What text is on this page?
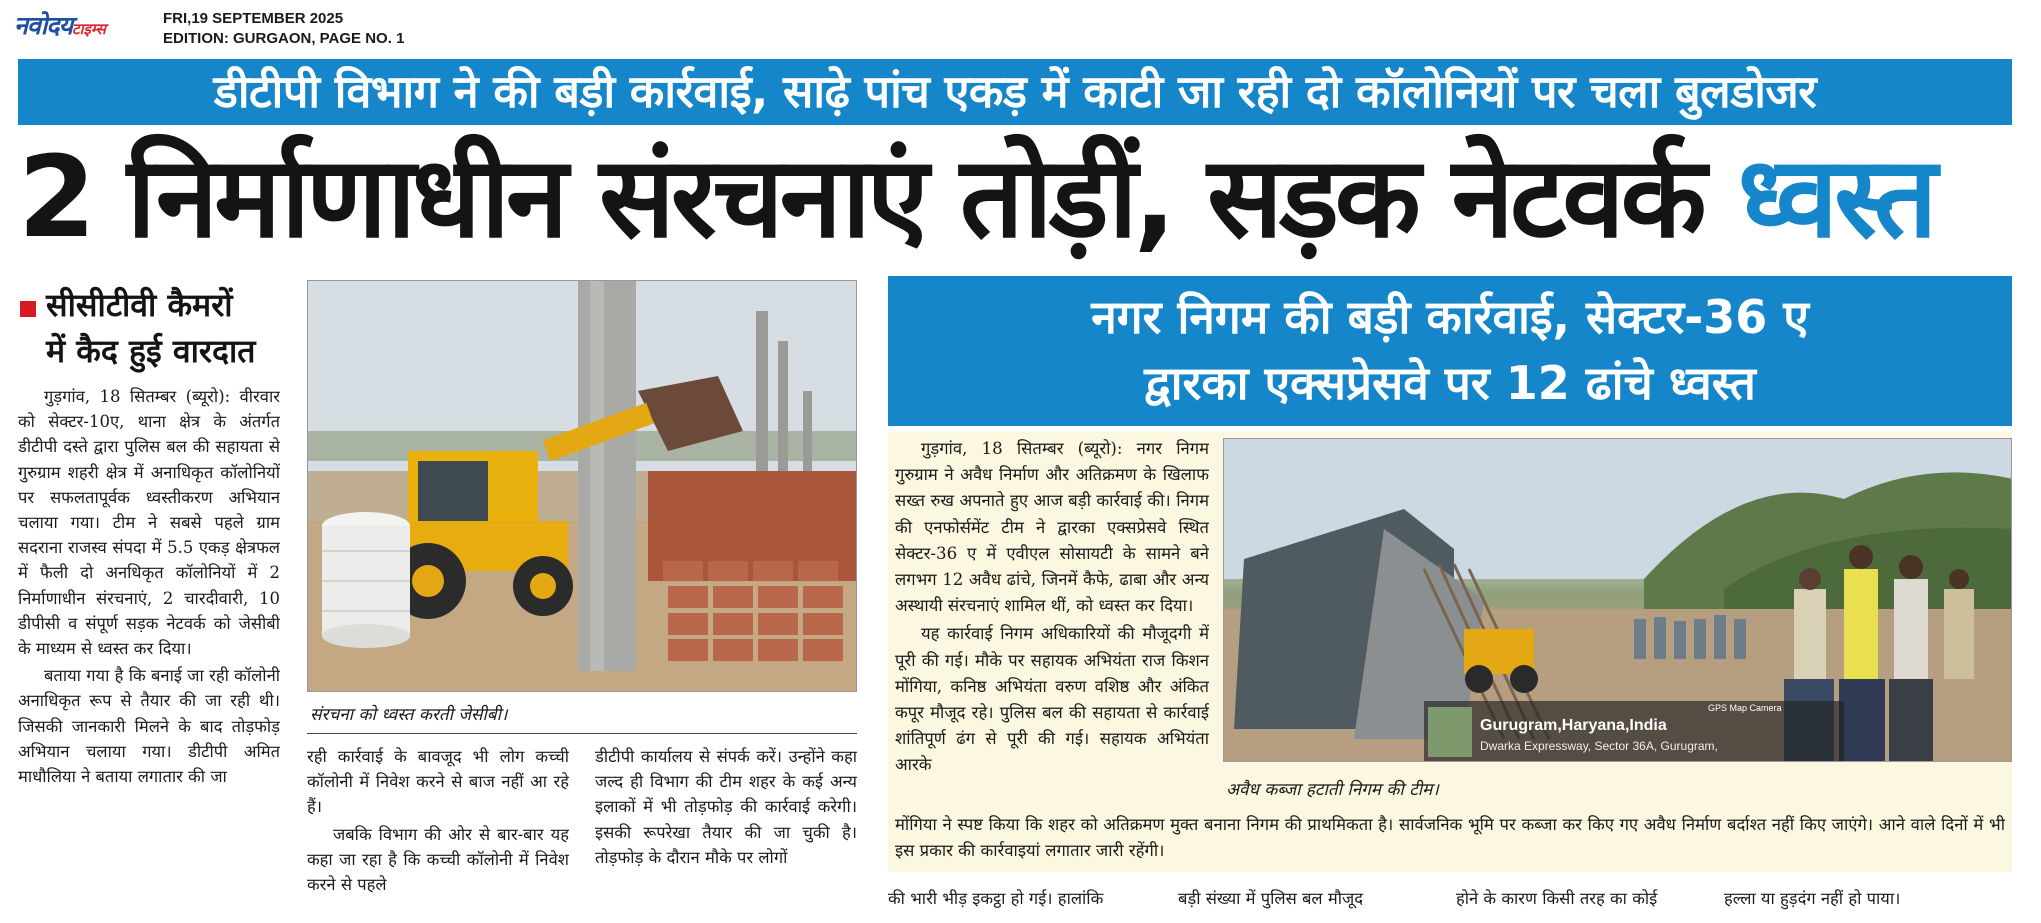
नवोदयटाइम्स
FRI,19 SEPTEMBER 2025
EDITION: GURGAON, PAGE NO. 1
डीटीपी विभाग ने की बड़ी कार्रवाई, साढ़े पांच एकड़ में काटी जा रही दो कॉलोनियों पर चला बुलडोजर
2 निर्माणाधीन संरचनाएं तोड़ीं, सड़क नेटवर्क ध्वस्त
सीसीटीवी कैमरों
में कैद हुई वारदात

गुड़गांव, 18 सितम्बर (ब्यूरो): वीरवार को सेक्टर-10ए, थाना क्षेत्र के अंतर्गत डीटीपी दस्ते द्वारा पुलिस बल की सहायता से गुरुग्राम शहरी क्षेत्र में अनाधिकृत कॉलोनियों पर सफलतापूर्वक ध्वस्तीकरण अभियान चलाया गया। टीम ने सबसे पहले ग्राम सदराना राजस्व संपदा में 5.5 एकड़ क्षेत्रफल में फैली दो अनधिकृत कॉलोनियों में 2 निर्माणाधीन संरचनाएं, 2 चारदीवारी, 10 डीपीसी व संपूर्ण सड़क नेटवर्क को जेसीबी के माध्यम से ध्वस्त कर दिया।

बताया गया है कि बनाई जा रही कॉलोनी अनाधिकृत रूप से तैयार की जा रही थी। जिसकी जानकारी मिलने के बाद तोड़फोड़ अभियान चलाया गया। डीटीपी अमित माधौलिया ने बताया लगातार की जा

संरचना को ध्वस्त करती जेसीबी।

रही कार्रवाई के बावजूद भी लोग कच्ची कॉलोनी में निवेश करने से बाज नहीं आ रहे हैं।

जबकि विभाग की ओर से बार-बार यह कहा जा रहा है कि कच्ची कॉलोनी में निवेश करने से पहले

डीटीपी कार्यालय से संपर्क करें। उन्होंने कहा जल्द ही विभाग की टीम शहर के कई अन्य इलाकों में भी तोड़फोड़ की कार्रवाई करेगी। इसकी रूपरेखा तैयार की जा चुकी है। तोड़फोड़ के दौरान मौके पर लोगों

नगर निगम की बड़ी कार्रवाई, सेक्टर-36 ए
द्वारका एक्सप्रेसवे पर 12 ढांचे ध्वस्त

गुड़गांव, 18 सितम्बर (ब्यूरो): नगर निगम गुरुग्राम ने अवैध निर्माण और अतिक्रमण के खिलाफ सख्त रुख अपनाते हुए आज बड़ी कार्रवाई की। निगम की एनफोर्समेंट टीम ने द्वारका एक्सप्रेसवे स्थित सेक्टर-36 ए में एवीएल सोसायटी के सामने बने लगभग 12 अवैध ढांचे, जिनमें कैफे, ढाबा और अन्य अस्थायी संरचनाएं शामिल थीं, को ध्वस्त कर दिया।

यह कार्रवाई निगम अधिकारियों की मौजूदगी में पूरी की गई। मौके पर सहायक अभियंता राज किशन मोंगिया, कनिष्ठ अभियंता वरुण वशिष्ठ और अंकित कपूर मौजूद रहे। पुलिस बल की सहायता से कार्रवाई शांतिपूर्ण ढंग से पूरी की गई। सहायक अभियंता आरके

GPS Map Camera
Gurugram,Haryana,India
Dwarka Expressway, Sector 36A, Gurugram,
अवैध कब्जा हटाती निगम की टीम।

मोंगिया ने स्पष्ट किया कि शहर को अतिक्रमण मुक्त बनाना निगम की प्राथमिकता है। सार्वजनिक भूमि पर कब्जा कर किए गए अवैध निर्माण बर्दाश्त नहीं किए जाएंगे। आने वाले दिनों में भी इस प्रकार की कार्रवाइयां लगातार जारी रहेंगी।

की भारी भीड़ इकट्ठा हो गई। हालांकि	बड़ी संख्या में पुलिस बल मौजूद	होने के कारण किसी तरह का कोई	हल्ला या हुड़दंग नहीं हो पाया।
